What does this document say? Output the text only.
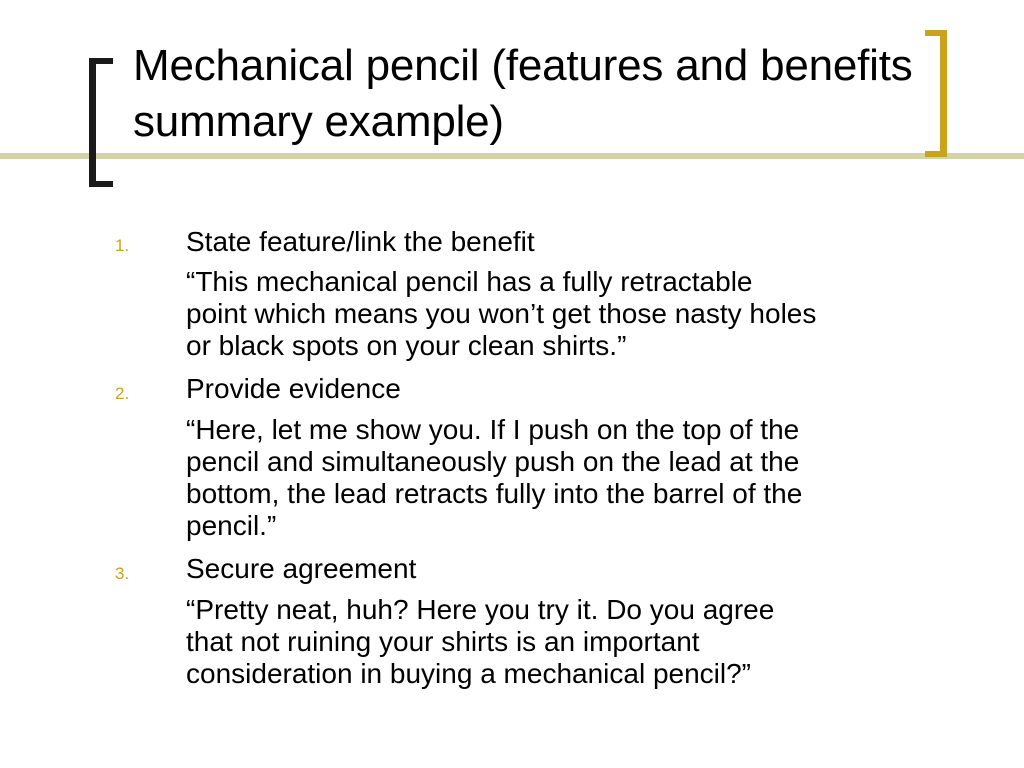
Mechanical pencil (features and benefits summary example)
1. State feature/link the benefit
“This mechanical pencil has a fully retractable
point which means you won’t get those nasty holes
or black spots on your clean shirts.”
2. Provide evidence
“Here, let me show you. If I push on the top of the
pencil and simultaneously push on the lead at the
bottom, the lead retracts fully into the barrel of the
pencil.”
3. Secure agreement
“Pretty neat, huh? Here you try it. Do you agree
that not ruining your shirts is an important
consideration in buying a mechanical pencil?”
